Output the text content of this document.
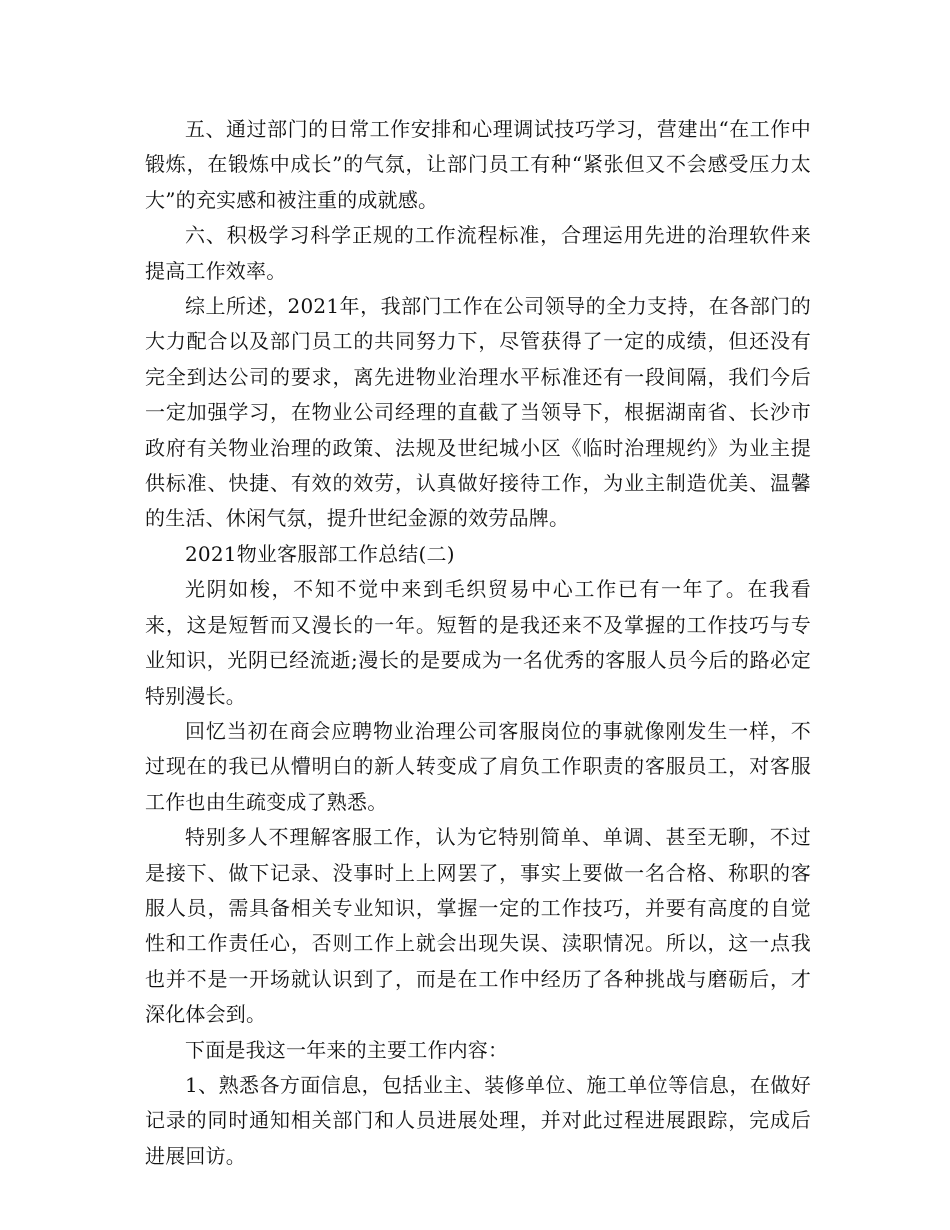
五、通过部门的日常工作安排和心理调试技巧学习，营建出“在工作中锻炼，在锻炼中成长”的气氛，让部门员工有种“紧张但又不会感受压力太大”的充实感和被注重的成就感。

六、积极学习科学正规的工作流程标准，合理运用先进的治理软件来提高工作效率。

综上所述，2021年，我部门工作在公司领导的全力支持，在各部门的大力配合以及部门员工的共同努力下，尽管获得了一定的成绩，但还没有完全到达公司的要求，离先进物业治理水平标准还有一段间隔，我们今后一定加强学习，在物业公司经理的直截了当领导下，根据湖南省、长沙市政府有关物业治理的政策、法规及世纪城小区《临时治理规约》为业主提供标准、快捷、有效的效劳，认真做好接待工作，为业主制造优美、温馨的生活、休闲气氛，提升世纪金源的效劳品牌。

2021物业客服部工作总结(二)

光阴如梭，不知不觉中来到毛织贸易中心工作已有一年了。在我看来，这是短暂而又漫长的一年。短暂的是我还来不及掌握的工作技巧与专业知识，光阴已经流逝;漫长的是要成为一名优秀的客服人员今后的路必定特别漫长。

回忆当初在商会应聘物业治理公司客服岗位的事就像刚发生一样，不过现在的我已从懵明白的新人转变成了肩负工作职责的客服员工，对客服工作也由生疏变成了熟悉。

特别多人不理解客服工作，认为它特别简单、单调、甚至无聊，不过是接下、做下记录、没事时上上网罢了，事实上要做一名合格、称职的客服人员，需具备相关专业知识，掌握一定的工作技巧，并要有高度的自觉性和工作责任心，否则工作上就会出现失误、渎职情况。所以，这一点我也并不是一开场就认识到了，而是在工作中经历了各种挑战与磨砺后，才深化体会到。

下面是我这一年来的主要工作内容：

1、熟悉各方面信息，包括业主、装修单位、施工单位等信息，在做好记录的同时通知相关部门和人员进展处理，并对此过程进展跟踪，完成后进展回访。
